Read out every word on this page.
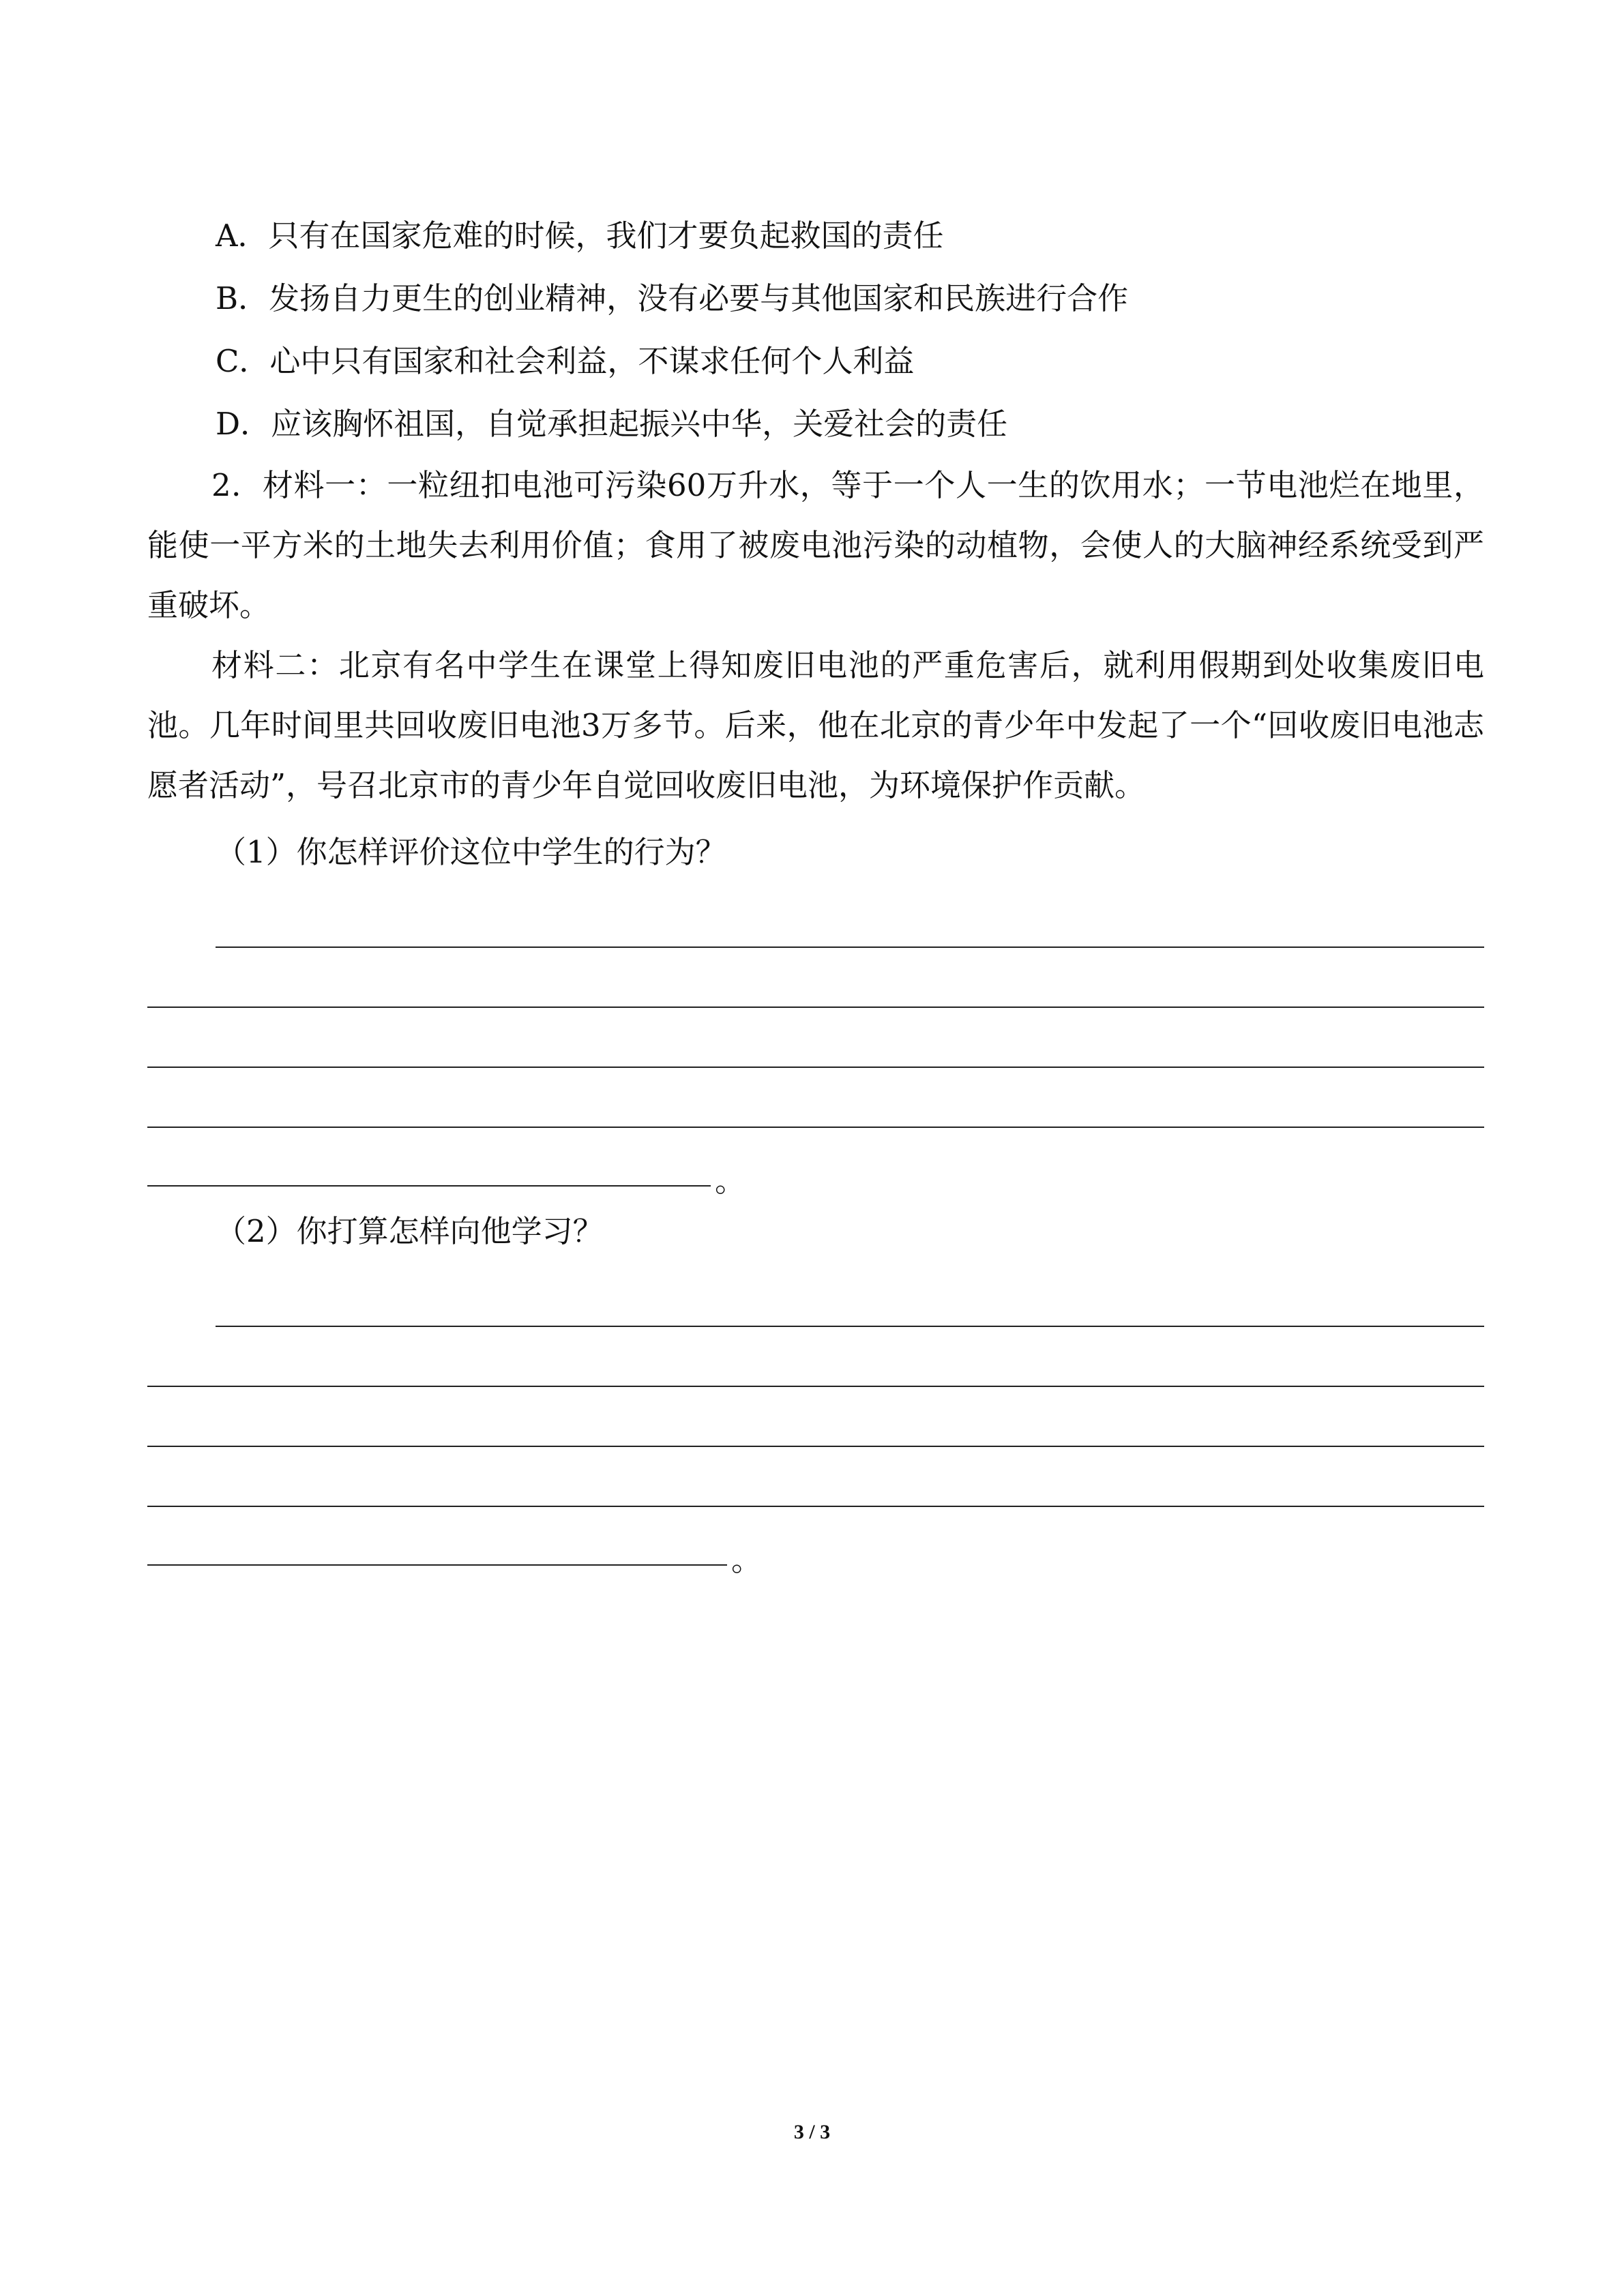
A．只有在国家危难的时候，我们才要负起救国的责任

B．发扬自力更生的创业精神，没有必要与其他国家和民族进行合作

C．心中只有国家和社会利益，不谋求任何个人利益

D．应该胸怀祖国，自觉承担起振兴中华，关爱社会的责任

2．材料一：一粒纽扣电池可污染60万升水，等于一个人一生的饮用水；一节电池烂在地里，能使一平方米的土地失去利用价值；食用了被废电池污染的动植物，会使人的大脑神经系统受到严重破坏。

材料二：北京有名中学生在课堂上得知废旧电池的严重危害后，就利用假期到处收集废旧电池。几年时间里共回收废旧电池3万多节。后来，他在北京的青少年中发起了一个“回收废旧电池志愿者活动”，号召北京市的青少年自觉回收废旧电池，为环境保护作贡献。

（1）你怎样评价这位中学生的行为？
。
（2）你打算怎样向他学习？
。
3 / 3
